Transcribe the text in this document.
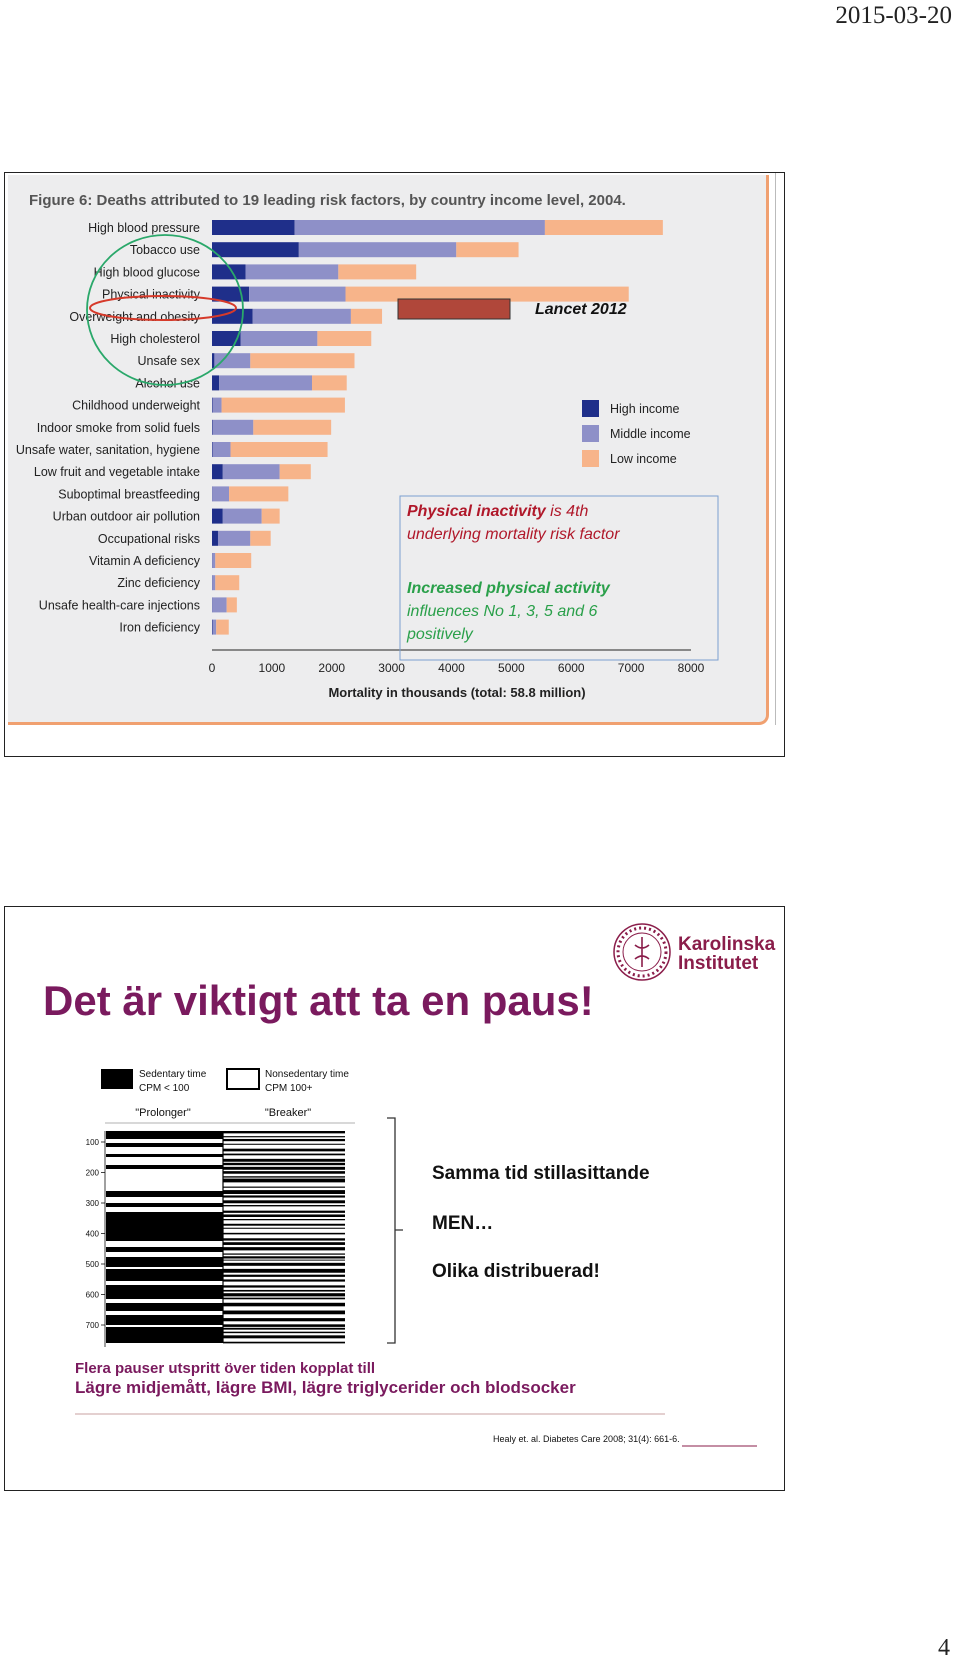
2015-03-20
Figure 6: Deaths attributed to 19 leading risk factors, by country income level, 2004.
High blood pressure
Tobacco use
High blood glucose
Physical inactivity
Overweight and obesity
High cholesterol
Unsafe sex
Alcohol use
Childhood underweight
Indoor smoke from solid fuels
Unsafe water, sanitation, hygiene
Low fruit and vegetable intake
Suboptimal breastfeeding
Urban outdoor air pollution
Occupational risks
Vitamin A deficiency
Zinc deficiency
Unsafe health-care injections
Iron deficiency
0	1000	2000	3000	4000	5000	6000	7000	8000
Mortality in thousands (total: 58.8 million)
High income
Middle income
Low income
Lancet 2012
Physical inactivity is 4th
underlying mortality risk factor
Increased physical activity
influences No 1, 3, 5 and 6
positively
Karolinska
Institutet
Det är viktigt att ta en paus!
Sedentary time
CPM < 100
Nonsedentary time
CPM 100+
"Prolonger"	"Breaker"
100
200
300
400
500
600
700
Samma tid stillasittande
MEN…
Olika distribuerad!
Flera pauser utspritt över tiden kopplat till
Lägre midjemått, lägre BMI, lägre triglycerider och blodsocker
Healy et. al. Diabetes Care 2008; 31(4): 661-6.
4
